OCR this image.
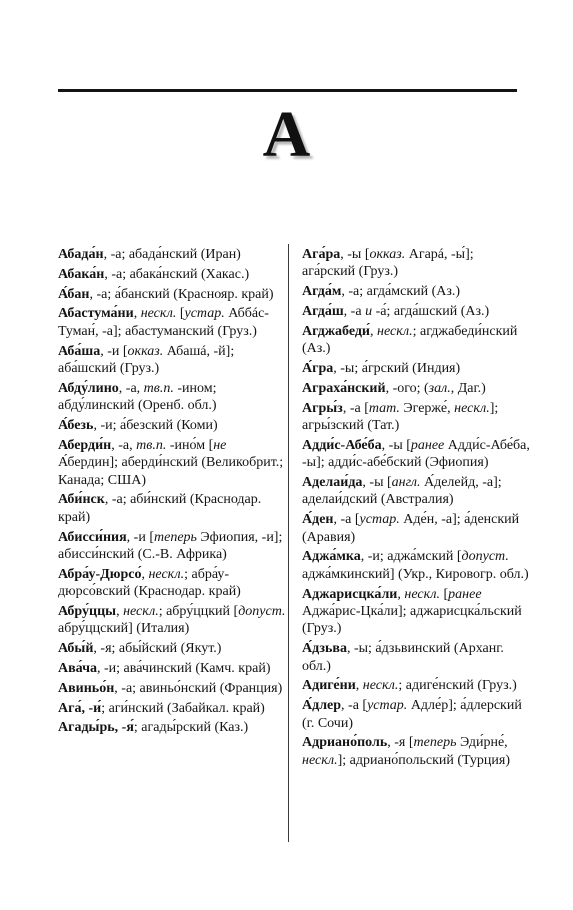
А
Абада́н, -а; абада́нский (Иран)
Абака́н, -а; абака́нский (Хакас.)
А́бан, -а; а́банский (Краснояр. край)
Абастума́ни, нескл. [устар. Аббáс-Туман́, -а]; абастуманский (Груз.)
Аба́ша, -и [окказ. Абашá, -й]; аба́шский (Груз.)
Абду́лино, -а, тв.п. -ином; абду́линский (Оренб. обл.)
А́безь, -и; а́безский (Коми)
Аберди́н, -а, тв.п. -ино́м [не А́бердин]; аберди́нский (Великобрит.; Канада; США)
Аби́нск, -а; аби́нский (Краснодар. край)
Абисси́ния, -и [теперь Эфиопия, -и]; абисси́нский (С.-В. Африка)
Абра́у-Дюрсо́, нескл.; абра́у-дюрсо́вский (Краснодар. край)
Абру́ццы, нескл.; абру́ццкий [допуст. абру́ццский] (Италия)
Абы́й, -я; абы́йский (Якут.)
Ава́ча, -и; ава́чинский (Камч. край)
Авиньо́н, -а; авиньо́нский (Франция)
Ага́, -и́; аги́нский (Забайкал. край)
Агады́рь, -я́; агады́рский (Каз.)
Ага́ра, -ы [окказ. Агарá, -ы́]; ага́рский (Груз.)
Агда́м, -а; агда́мский (Аз.)
Агда́ш, -а и -а́; агда́шский (Аз.)
Агджабеди́, нескл.; агджабеди́нский (Аз.)
А́гра, -ы; а́грский (Индия)
Аграха́нский, -ого; (зал., Даг.)
Агры́з, -а [тат. Эгерже́, нескл.]; агры́зский (Тат.)
Адди́с-Абе́ба, -ы [ранее Адди́с-Абе́ба, -ы]; адди́с-абе́бский (Эфиопия)
Аделаи́да, -ы [англ. А́делейд, -а]; аделаи́дский (Австралия)
А́ден, -а [устар. Аде́н, -а]; а́денский (Аравия)
Аджа́мка, -и; аджа́мский [допуст. аджа́мкинский] (Укр., Кировогр. обл.)
Аджарисцка́ли, нескл. [ранее Аджа́рис-Цка́ли]; аджарисцка́льский (Груз.)
А́дзьва, -ы; а́дзьвинский (Арханг. обл.)
Адиге́ни, нескл.; адиге́нский (Груз.)
А́длер, -а [устар. Адле́р]; а́длерский (г. Сочи)
Адриано́поль, -я [теперь Эди́рне́, нескл.]; адриано́польский (Турция)
